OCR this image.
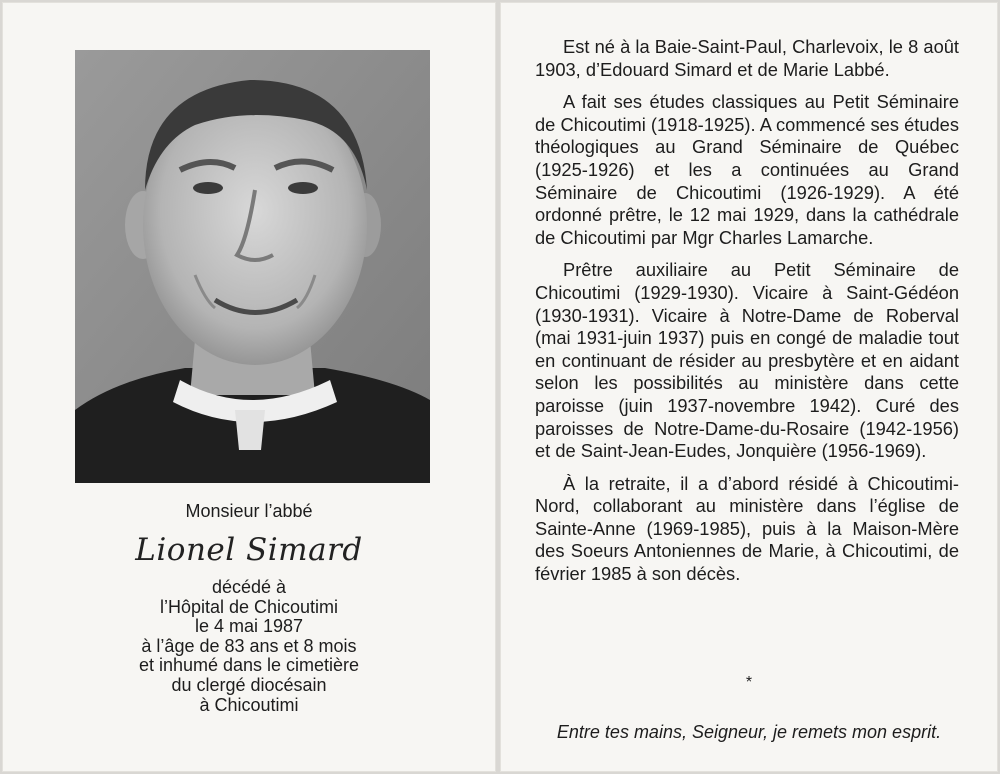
Monsieur l’abbé
Lionel Simard
décédé à
l’Hôpital de Chicoutimi
le 4 mai 1987
à l’âge de 83 ans et 8 mois
et inhumé dans le cimetière
du clergé diocésain
à Chicoutimi

Est né à la Baie-Saint-Paul, Charlevoix, le 8 août 1903, d’Edouard Simard et de Marie Labbé.

A fait ses études classiques au Petit Séminaire de Chicoutimi (1918-1925). A commencé ses études théologiques au Grand Séminaire de Québec (1925-1926) et les a continuées au Grand Séminaire de Chicoutimi (1926-1929). A été ordonné prêtre, le 12 mai 1929, dans la cathédrale de Chicoutimi par Mgr Charles Lamarche.

Prêtre auxiliaire au Petit Séminaire de Chicoutimi (1929-1930). Vicaire à Saint-Gédéon (1930-1931). Vicaire à Notre-Dame de Roberval (mai 1931-juin 1937) puis en congé de maladie tout en continuant de résider au presbytère et en aidant selon les possibilités au ministère dans cette paroisse (juin 1937-novembre 1942). Curé des paroisses de Notre-Dame-du-Rosaire (1942-1956) et de Saint-Jean-Eudes, Jonquière (1956-1969).

À la retraite, il a d’abord résidé à Chicoutimi-Nord, collaborant au ministère dans l’église de Sainte-Anne (1969-1985), puis à la Maison-Mère des Soeurs Antoniennes de Marie, à Chicoutimi, de février 1985 à son décès.

*
Entre tes mains, Seigneur, je remets mon esprit.
